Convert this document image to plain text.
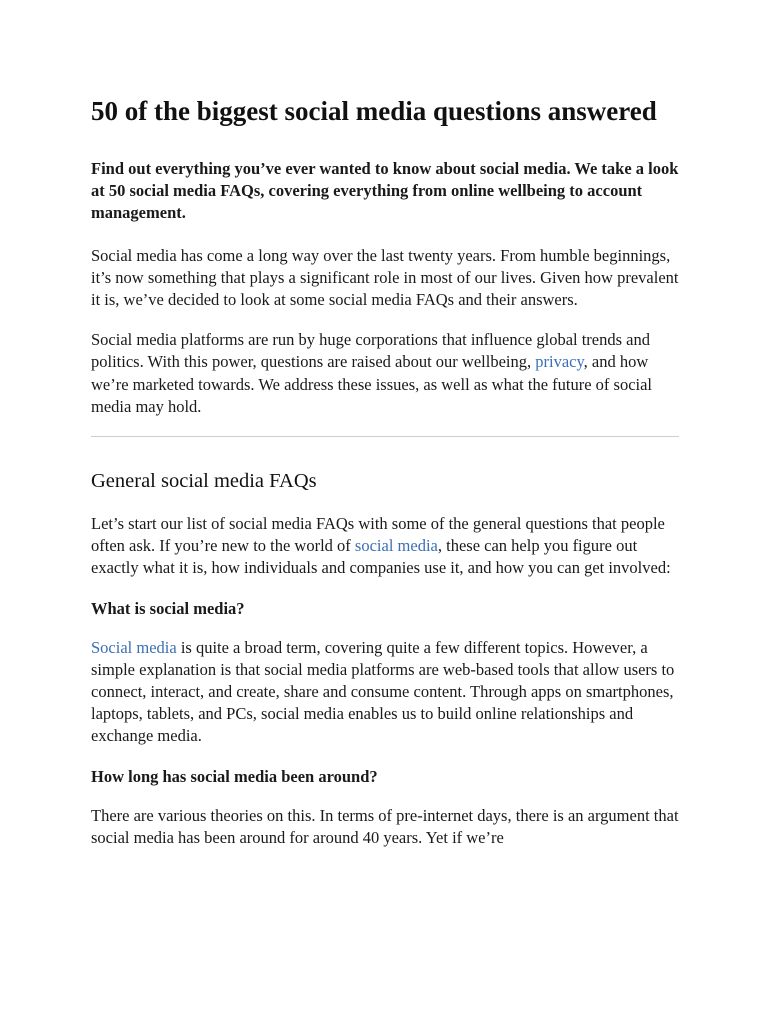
50 of the biggest social media questions answered

Find out everything you’ve ever wanted to know about social media. We take a look at 50 social media FAQs, covering everything from online wellbeing to account management.

Social media has come a long way over the last twenty years. From humble beginnings, it’s now something that plays a significant role in most of our lives. Given how prevalent it is, we’ve decided to look at some social media FAQs and their answers.

Social media platforms are run by huge corporations that influence global trends and politics. With this power, questions are raised about our wellbeing, privacy, and how we’re marketed towards. We address these issues, as well as what the future of social media may hold.

General social media FAQs

Let’s start our list of social media FAQs with some of the general questions that people often ask. If you’re new to the world of social media, these can help you figure out exactly what it is, how individuals and companies use it, and how you can get involved:

What is social media?

Social media is quite a broad term, covering quite a few different topics. However, a simple explanation is that social media platforms are web-based tools that allow users to connect, interact, and create, share and consume content. Through apps on smartphones, laptops, tablets, and PCs, social media enables us to build online relationships and exchange media.

How long has social media been around?

There are various theories on this. In terms of pre-internet days, there is an argument that social media has been around for around 40 years. Yet if we’re
